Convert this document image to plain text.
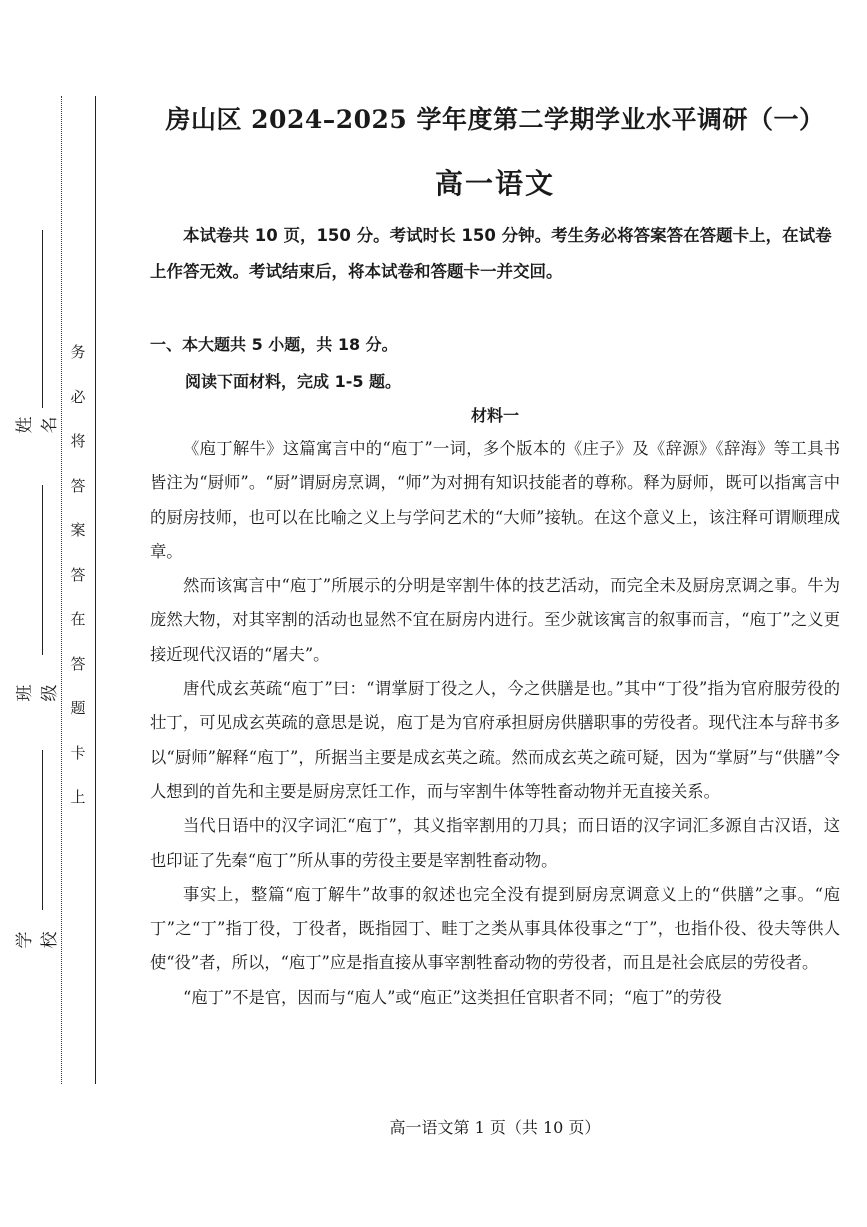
务
必
将
答
案
答
在
答
题
卡
上
姓名
班级
学校
房山区 2024–2025 学年度第二学期学业水平调研（一）
高一语文

本试卷共 10 页，150 分。考试时长 150 分钟。考生务必将答案答在答题卡上，在试卷上作答无效。考试结束后，将本试卷和答题卡一并交回。

一、本大题共 5 小题，共 18 分。
阅读下面材料，完成 1-5 题。
材料一

《庖丁解牛》这篇寓言中的“庖丁”一词，多个版本的《庄子》及《辞源》《辞海》等工具书皆注为“厨师”。“厨”谓厨房烹调，“师”为对拥有知识技能者的尊称。释为厨师，既可以指寓言中的厨房技师，也可以在比喻之义上与学问艺术的“大师”接轨。在这个意义上，该注释可谓顺理成章。

然而该寓言中“庖丁”所展示的分明是宰割牛体的技艺活动，而完全未及厨房烹调之事。牛为庞然大物，对其宰割的活动也显然不宜在厨房内进行。至少就该寓言的叙事而言，“庖丁”之义更接近现代汉语的“屠夫”。

唐代成玄英疏“庖丁”曰：“谓掌厨丁役之人，今之供膳是也。”其中“丁役”指为官府服劳役的壮丁，可见成玄英疏的意思是说，庖丁是为官府承担厨房供膳职事的劳役者。现代注本与辞书多以“厨师”解释“庖丁”，所据当主要是成玄英之疏。然而成玄英之疏可疑，因为“掌厨”与“供膳”令人想到的首先和主要是厨房烹饪工作，而与宰割牛体等牲畜动物并无直接关系。

当代日语中的汉字词汇“庖丁”，其义指宰割用的刀具；而日语的汉字词汇多源自古汉语，这也印证了先秦“庖丁”所从事的劳役主要是宰割牲畜动物。

事实上，整篇“庖丁解牛”故事的叙述也完全没有提到厨房烹调意义上的“供膳”之事。“庖丁”之“丁”指丁役，丁役者，既指园丁、畦丁之类从事具体役事之“丁”，也指仆役、役夫等供人使“役”者，所以，“庖丁”应是指直接从事宰割牲畜动物的劳役者，而且是社会底层的劳役者。

“庖丁”不是官，因而与“庖人”或“庖正”这类担任官职者不同；“庖丁”的劳役

高一语文第 1 页（共 10 页）
